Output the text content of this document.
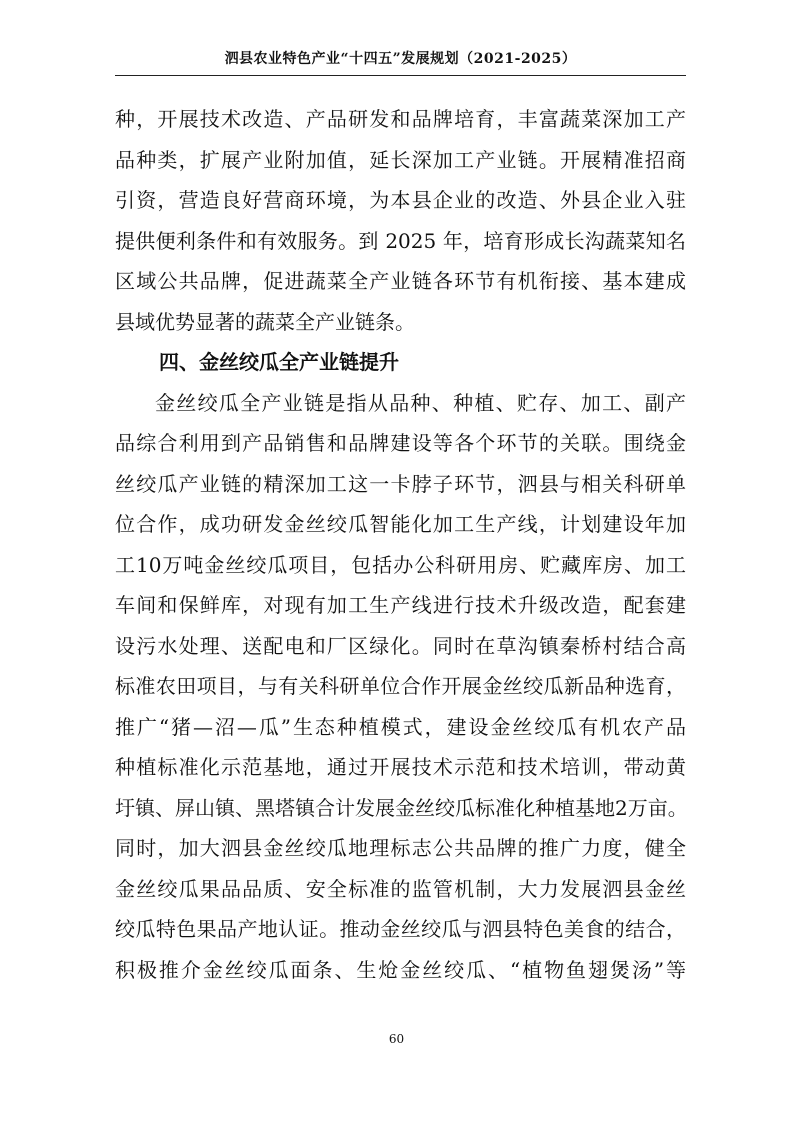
泗县农业特色产业“十四五”发展规划（2021-2025）
种，开展技术改造、产品研发和品牌培育，丰富蔬菜深加工产
品种类，扩展产业附加值，延长深加工产业链。开展精准招商
引资，营造良好营商环境，为本县企业的改造、外县企业入驻
提供便利条件和有效服务。到 2025 年，培育形成长沟蔬菜知名
区域公共品牌，促进蔬菜全产业链各环节有机衔接、基本建成
县域优势显著的蔬菜全产业链条。
四、金丝绞瓜全产业链提升
金丝绞瓜全产业链是指从品种、种植、贮存、加工、副产
品综合利用到产品销售和品牌建设等各个环节的关联。围绕金
丝绞瓜产业链的精深加工这一卡脖子环节，泗县与相关科研单
位合作，成功研发金丝绞瓜智能化加工生产线，计划建设年加
工10万吨金丝绞瓜项目，包括办公科研用房、贮藏库房、加工
车间和保鲜库，对现有加工生产线进行技术升级改造，配套建
设污水处理、送配电和厂区绿化。同时在草沟镇秦桥村结合高
标准农田项目，与有关科研单位合作开展金丝绞瓜新品种选育，
推广“猪—沼—瓜”生态种植模式，建设金丝绞瓜有机农产品
种植标准化示范基地，通过开展技术示范和技术培训，带动黄
圩镇、屏山镇、黑塔镇合计发展金丝绞瓜标准化种植基地2万亩。
同时，加大泗县金丝绞瓜地理标志公共品牌的推广力度，健全
金丝绞瓜果品品质、安全标准的监管机制，大力发展泗县金丝
绞瓜特色果品产地认证。推动金丝绞瓜与泗县特色美食的结合，
积极推介金丝绞瓜面条、生炝金丝绞瓜、“植物鱼翅煲汤”等
60
